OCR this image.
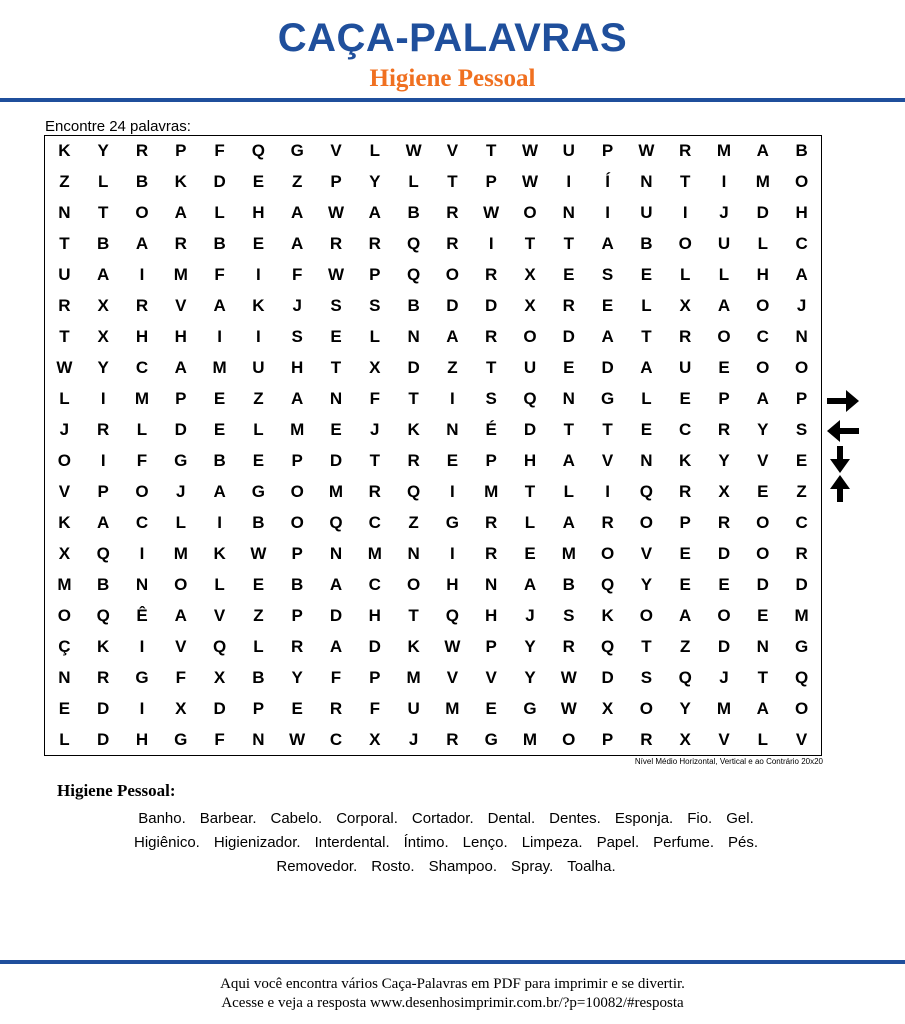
CAÇA-PALAVRAS
Higiene Pessoal
Encontre 24 palavras:
K	Y	R	P	F	Q	G	V	L	W	V	T	W	U	P	W	R	M	A	B
Z	L	B	K	D	E	Z	P	Y	L	T	P	W	I	Í	N	T	I	M	O
N	T	O	A	L	H	A	W	A	B	R	W	O	N	I	U	I	J	D	H
T	B	A	R	B	E	A	R	R	Q	R	I	T	T	A	B	O	U	L	C
U	A	I	M	F	I	F	W	P	Q	O	R	X	E	S	E	L	L	H	A
R	X	R	V	A	K	J	S	S	B	D	D	X	R	E	L	X	A	O	J
T	X	H	H	I	I	S	E	L	N	A	R	O	D	A	T	R	O	C	N
W	Y	C	A	M	U	H	T	X	D	Z	T	U	E	D	A	U	E	O	O
L	I	M	P	E	Z	A	N	F	T	I	S	Q	N	G	L	E	P	A	P
J	R	L	D	E	L	M	E	J	K	N	É	D	T	T	E	C	R	Y	S
O	I	F	G	B	E	P	D	T	R	E	P	H	A	V	N	K	Y	V	E
V	P	O	J	A	G	O	M	R	Q	I	M	T	L	I	Q	R	X	E	Z
K	A	C	L	I	B	O	Q	C	Z	G	R	L	A	R	O	P	R	O	C
X	Q	I	M	K	W	P	N	M	N	I	R	E	M	O	V	E	D	O	R
M	B	N	O	L	E	B	A	C	O	H	N	A	B	Q	Y	E	E	D	D
O	Q	Ê	A	V	Z	P	D	H	T	Q	H	J	S	K	O	A	O	E	M
Ç	K	I	V	Q	L	R	A	D	K	W	P	Y	R	Q	T	Z	D	N	G
N	R	G	F	X	B	Y	F	P	M	V	V	Y	W	D	S	Q	J	T	Q
E	D	I	X	D	P	E	R	F	U	M	E	G	W	X	O	Y	M	A	O
L	D	H	G	F	N	W	C	X	J	R	G	M	O	P	R	X	V	L	V
Nível Médio Horizontal, Vertical e ao Contrário 20x20
Higiene Pessoal:
Banho. Barbear. Cabelo. Corporal. Cortador. Dental. Dentes. Esponja. Fio. Gel.
Higiênico. Higienizador. Interdental. Íntimo. Lenço. Limpeza. Papel. Perfume. Pés.
Removedor. Rosto. Shampoo. Spray. Toalha.
Aqui você encontra vários Caça-Palavras em PDF para imprimir e se divertir.
Acesse e veja a resposta www.desenhosimprimir.com.br/?p=10082/#resposta
